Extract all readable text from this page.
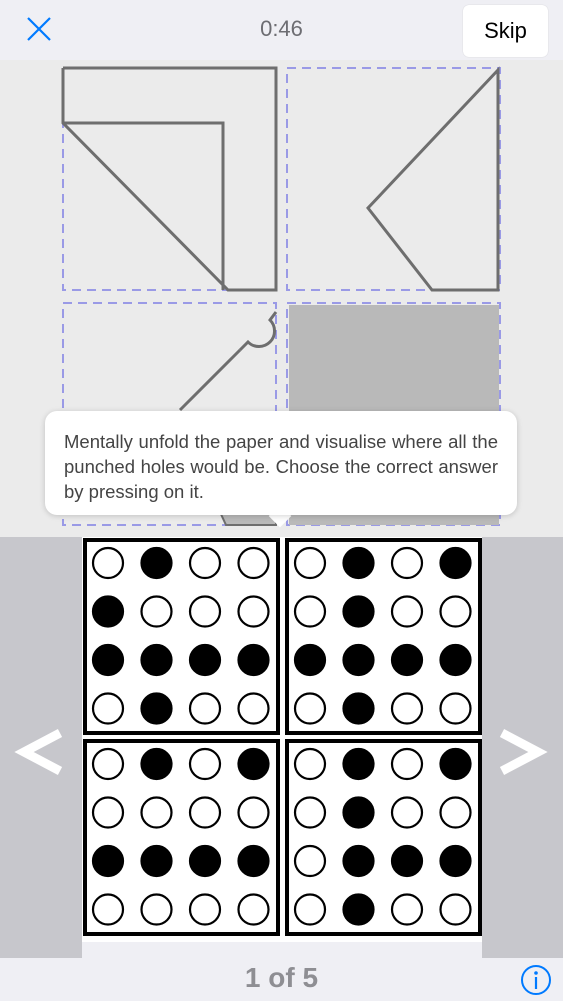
0:46	Skip
Mentally unfold the paper and visualise where all the punched holes would be. Choose the correct answer by pressing on it.
1 of 5
